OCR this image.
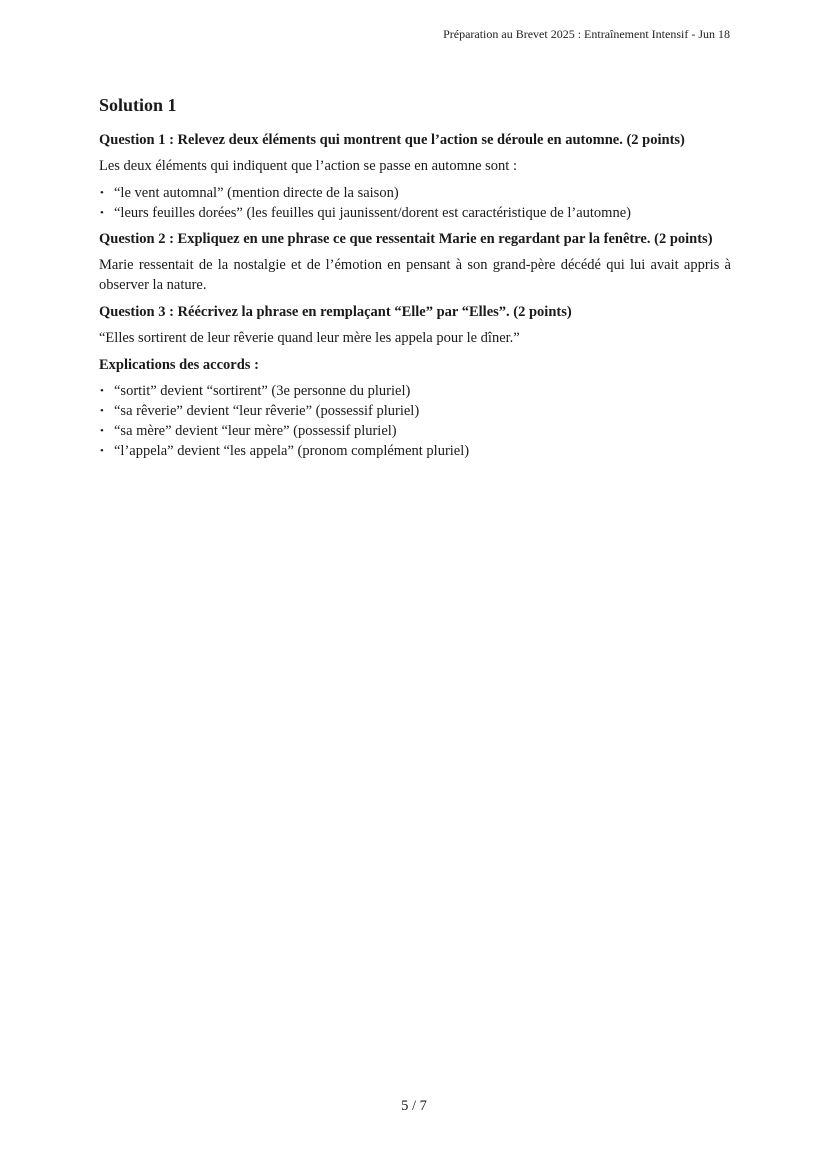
Préparation au Brevet 2025 : Entraînement Intensif - Jun 18
Solution 1

Question 1 : Relevez deux éléments qui montrent que l’action se déroule en automne. (2 points)

Les deux éléments qui indiquent que l’action se passe en automne sont :

• “le vent automnal” (mention directe de la saison)
• “leurs feuilles dorées” (les feuilles qui jaunissent/dorent est caractéristique de l’automne)

Question 2 : Expliquez en une phrase ce que ressentait Marie en regardant par la fenêtre. (2 points)

Marie ressentait de la nostalgie et de l’émotion en pensant à son grand-père décédé qui lui avait appris à observer la nature.

Question 3 : Réécrivez la phrase en remplaçant “Elle” par “Elles”. (2 points)

“Elles sortirent de leur rêverie quand leur mère les appela pour le dîner.”

Explications des accords :

• “sortit” devient “sortirent” (3e personne du pluriel)
• “sa rêverie” devient “leur rêverie” (possessif pluriel)
• “sa mère” devient “leur mère” (possessif pluriel)
• “l’appela” devient “les appela” (pronom complément pluriel)
5 / 7
